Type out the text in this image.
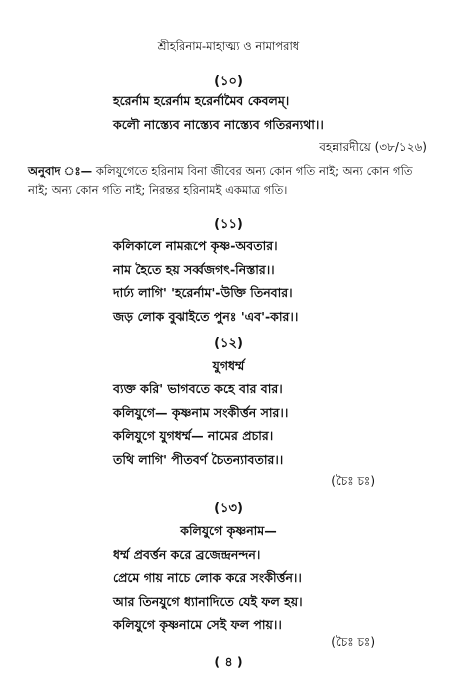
শ্রীহরিনাম-মাহাত্ম্য ও নামাপরাধ
(১০)
হরের্নাম হরের্নাম হরের্নামৈব কেবলম্।
কলৌ নাস্ত্যেব নাস্ত্যেব নাস্ত্যেব গতিরন্যথা।।
বহন্নারদীয়ে (৩৮/১২৬)
অনুবাদ ঃ— কলিযুগেতে হরিনাম বিনা জীবের অন্য কোন গতি নাই; অন্য কোন গতি নাই; অন্য কোন গতি নাই; নিরন্তর হরিনামই একমাত্র গতি।
(১১)
কলিকালে নামরূপে কৃষ্ণ-অবতার।
নাম হৈতে হয় সর্ব্বজগৎ-নিস্তার।।
দার্ঢ্য লাগি' 'হরের্নাম'-উক্তি তিনবার।
জড় লোক বুঝাইতে পুনঃ 'এব'-কার।।
(১২)
যুগধর্ম্ম
ব্যক্ত করি' ভাগবতে কহে বার বার।
কলিযুগে— কৃষ্ণনাম সংকীর্ত্তন সার।।
কলিযুগে যুগধর্ম্ম— নামের প্রচার।
তথি লাগি' পীতবর্ণ চৈতন্যাবতার।।
(চৈঃ চঃ)
(১৩)
কলিযুগে কৃষ্ণনাম—
ধর্ম্ম প্রবর্ত্তন করে ব্রজেন্দ্রনন্দন।
প্রেমে গায় নাচে লোক করে সংকীর্ত্তন।।
আর তিনযুগে ধ্যানাদিতে যেই ফল হয়।
কলিযুগে কৃষ্ণনামে সেই ফল পায়।।
(চৈঃ চঃ)
( ৪ )
